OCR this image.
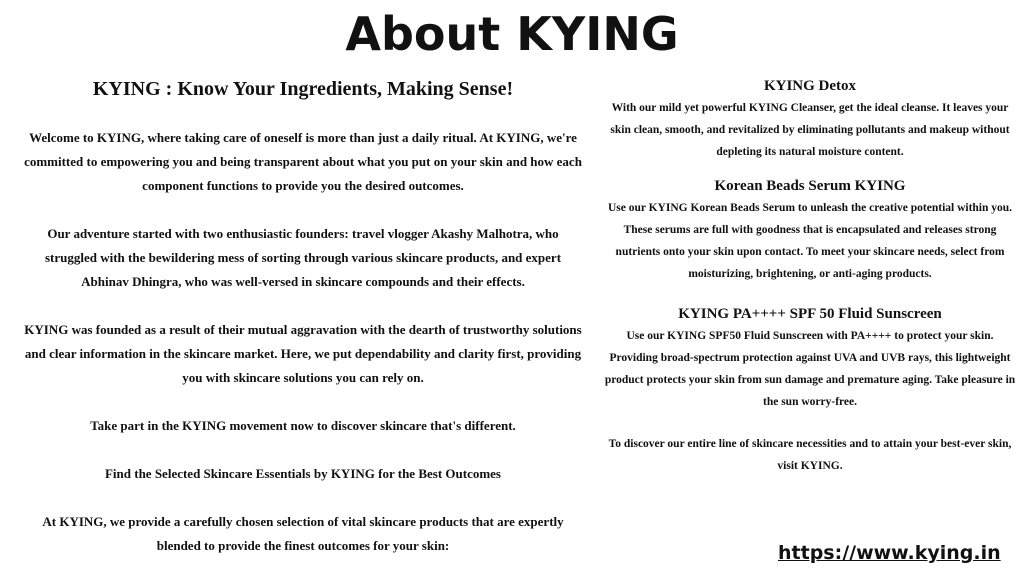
About KYING
KYING : Know Your Ingredients, Making Sense!

Welcome to KYING, where taking care of oneself is more than just a daily ritual. At KYING, we're committed to empowering you and being transparent about what you put on your skin and how each component functions to provide you the desired outcomes.

Our adventure started with two enthusiastic founders: travel vlogger Akashy Malhotra, who struggled with the bewildering mess of sorting through various skincare products, and expert Abhinav Dhingra, who was well-versed in skincare compounds and their effects.

KYING was founded as a result of their mutual aggravation with the dearth of trustworthy solutions and clear information in the skincare market. Here, we put dependability and clarity first, providing you with skincare solutions you can rely on.

Take part in the KYING movement now to discover skincare that's different.

Find the Selected Skincare Essentials by KYING for the Best Outcomes

At KYING, we provide a carefully chosen selection of vital skincare products that are expertly blended to provide the finest outcomes for your skin:

KYING Detox

With our mild yet powerful KYING Cleanser, get the ideal cleanse. It leaves your skin clean, smooth, and revitalized by eliminating pollutants and makeup without depleting its natural moisture content.

Korean Beads Serum KYING

Use our KYING Korean Beads Serum to unleash the creative potential within you. These serums are full with goodness that is encapsulated and releases strong nutrients onto your skin upon contact. To meet your skincare needs, select from moisturizing, brightening, or anti-aging products.

KYING PA++++ SPF 50 Fluid Sunscreen

Use our KYING SPF50 Fluid Sunscreen with PA++++ to protect your skin. Providing broad-spectrum protection against UVA and UVB rays, this lightweight product protects your skin from sun damage and premature aging. Take pleasure in the sun worry-free.

To discover our entire line of skincare necessities and to attain your best-ever skin, visit KYING.

https://www.kying.in
